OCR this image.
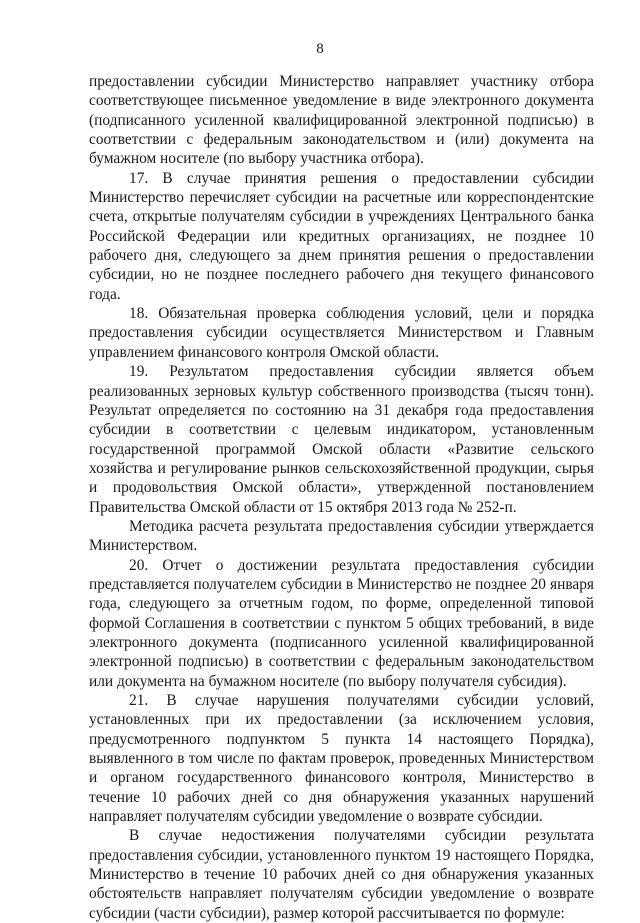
8

предоставлении субсидии Министерство направляет участнику отбора соответствующее письменное уведомление в виде электронного документа (подписанного усиленной квалифицированной электронной подписью) в соответствии с федеральным законодательством и (или) документа на бумажном носителе (по выбору участника отбора).

17. В случае принятия решения о предоставлении субсидии Министерство перечисляет субсидии на расчетные или корреспондентские счета, открытые получателям субсидии в учреждениях Центрального банка Российской Федерации или кредитных организациях, не позднее 10 рабочего дня, следующего за днем принятия решения о предоставлении субсидии, но не позднее последнего рабочего дня текущего финансового года.

18. Обязательная проверка соблюдения условий, цели и порядка предоставления субсидии осуществляется Министерством и Главным управлением финансового контроля Омской области.

19. Результатом предоставления субсидии является объем реализованных зерновых культур собственного производства (тысяч тонн). Результат определяется по состоянию на 31 декабря года предоставления субсидии в соответствии с целевым индикатором, установленным государственной программой Омской области «Развитие сельского хозяйства и регулирование рынков сельскохозяйственной продукции, сырья и продовольствия Омской области», утвержденной постановлением Правительства Омской области от 15 октября 2013 года № 252-п.

Методика расчета результата предоставления субсидии утверждается Министерством.

20. Отчет о достижении результата предоставления субсидии представляется получателем субсидии в Министерство не позднее 20 января года, следующего за отчетным годом, по форме, определенной типовой формой Соглашения в соответствии с пунктом 5 общих требований, в виде электронного документа (подписанного усиленной квалифицированной электронной подписью) в соответствии с федеральным законодательством или документа на бумажном носителе (по выбору получателя субсидия).

21. В случае нарушения получателями субсидии условий, установленных при их предоставлении (за исключением условия, предусмотренного подпунктом 5 пункта 14 настоящего Порядка), выявленного в том числе по фактам проверок, проведенных Министерством и органом государственного финансового контроля, Министерство в течение 10 рабочих дней со дня обнаружения указанных нарушений направляет получателям субсидии уведомление о возврате субсидии.

В случае недостижения получателями субсидии результата предоставления субсидии, установленного пунктом 19 настоящего Порядка, Министерство в течение 10 рабочих дней со дня обнаружения указанных обстоятельств направляет получателям субсидии уведомление о возврате субсидии (части субсидии), размер которой рассчитывается по формуле:
